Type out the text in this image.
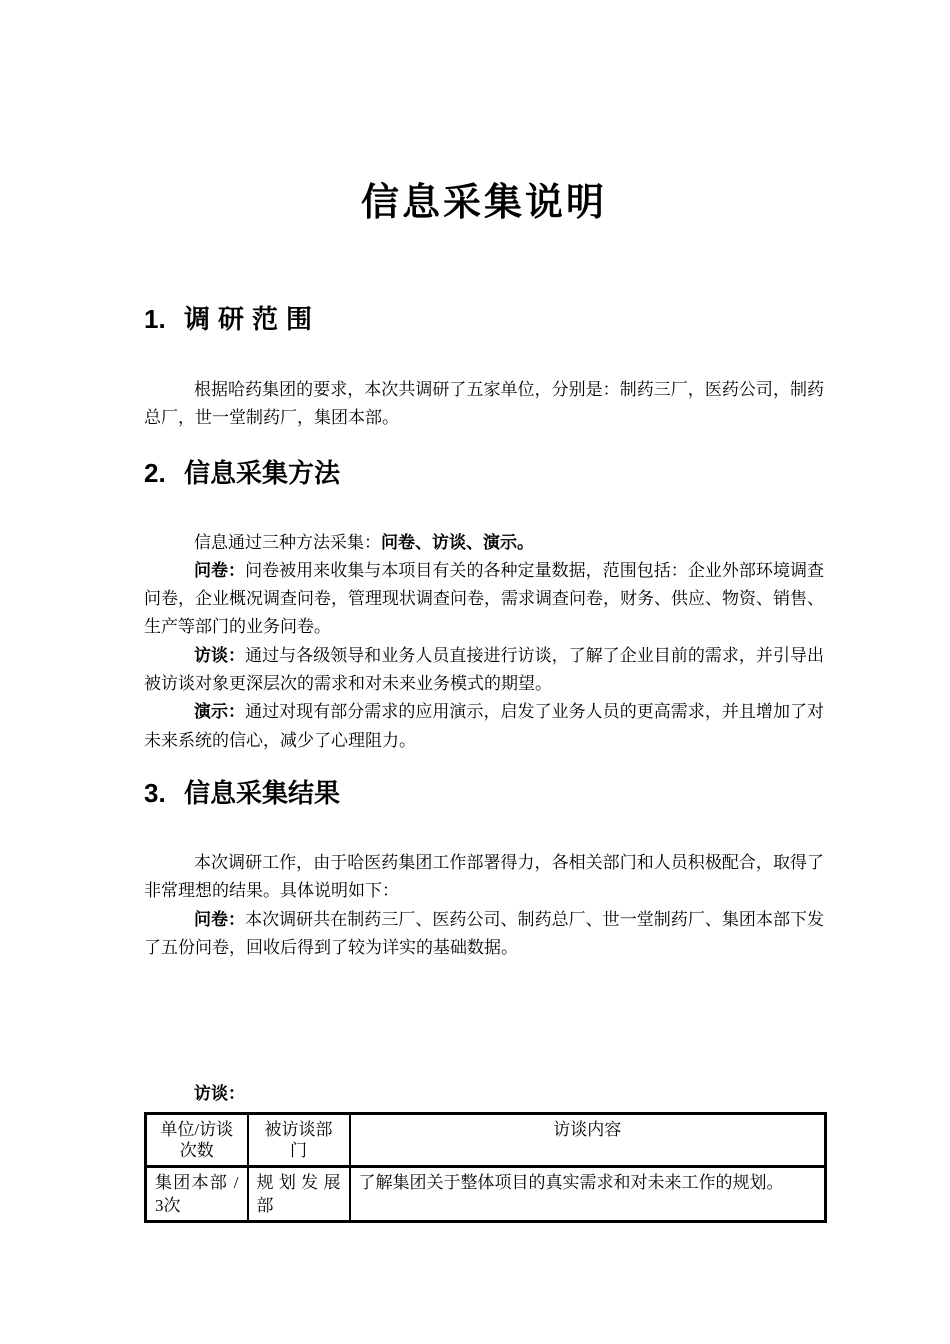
信息采集说明
1. 调研范围

根据哈药集团的要求，本次共调研了五家单位，分别是：制药三厂，医药公司，制药总厂，世一堂制药厂，集团本部。

2. 信息采集方法

信息通过三种方法采集：问卷、访谈、演示。

问卷：问卷被用来收集与本项目有关的各种定量数据，范围包括：企业外部环境调查问卷，企业概况调查问卷，管理现状调查问卷，需求调查问卷，财务、供应、物资、销售、生产等部门的业务问卷。

访谈：通过与各级领导和业务人员直接进行访谈，了解了企业目前的需求，并引导出被访谈对象更深层次的需求和对未来业务模式的期望。

演示：通过对现有部分需求的应用演示，启发了业务人员的更高需求，并且增加了对未来系统的信心，减少了心理阻力。

3. 信息采集结果

本次调研工作，由于哈医药集团工作部署得力，各相关部门和人员积极配合，取得了非常理想的结果。具体说明如下：

问卷：本次调研共在制药三厂、医药公司、制药总厂、世一堂制药厂、集团本部下发了五份问卷，回收后得到了较为详实的基础数据。

访谈：
单位/访谈次数	被访谈部门	访谈内容
集团本部 / 3次	规划发展部	了解集团关于整体项目的真实需求和对未来工作的规划。
